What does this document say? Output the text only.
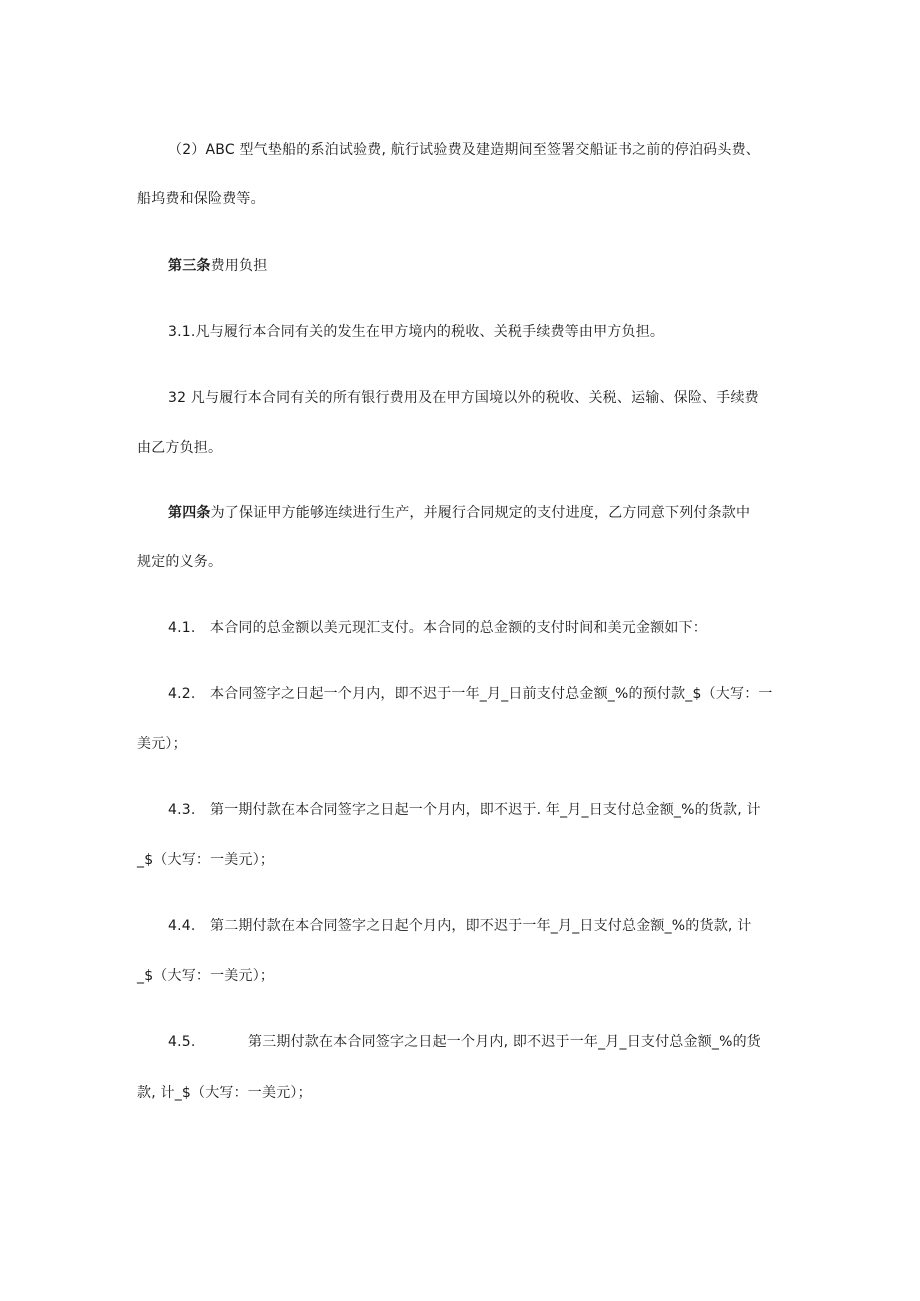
（2）ABC 型气垫船的系泊试验费, 航行试验费及建造期间至签署交船证书之前的停泊码头费、
船坞费和保险费等。
第三条费用负担
3.1.凡与履行本合同有关的发生在甲方境内的税收、关税手续费等由甲方负担。
32 凡与履行本合同有关的所有银行费用及在甲方国境以外的税收、关税、运输、保险、手续费
由乙方负担。
第四条为了保证甲方能够连续进行生产，并履行合同规定的支付进度，乙方同意下列付条款中
规定的义务。
4.1. 本合同的总金额以美元现汇支付。本合同的总金额的支付时间和美元金额如下：
4.2. 本合同签字之日起一个月内，即不迟于一年_月_日前支付总金额_%的预付款_$（大写：一
美元）；
4.3. 第一期付款在本合同签字之日起一个月内，即不迟于. 年_月_日支付总金额_%的货款, 计
_$（大写：一美元）；
4.4. 第二期付款在本合同签字之日起个月内，即不迟于一年_月_日支付总金额_%的货款, 计
_$（大写：一美元）；
4.5.	第三期付款在本合同签字之日起一个月内, 即不迟于一年_月_日支付总金额_%的货
款, 计_$（大写：一美元）；
